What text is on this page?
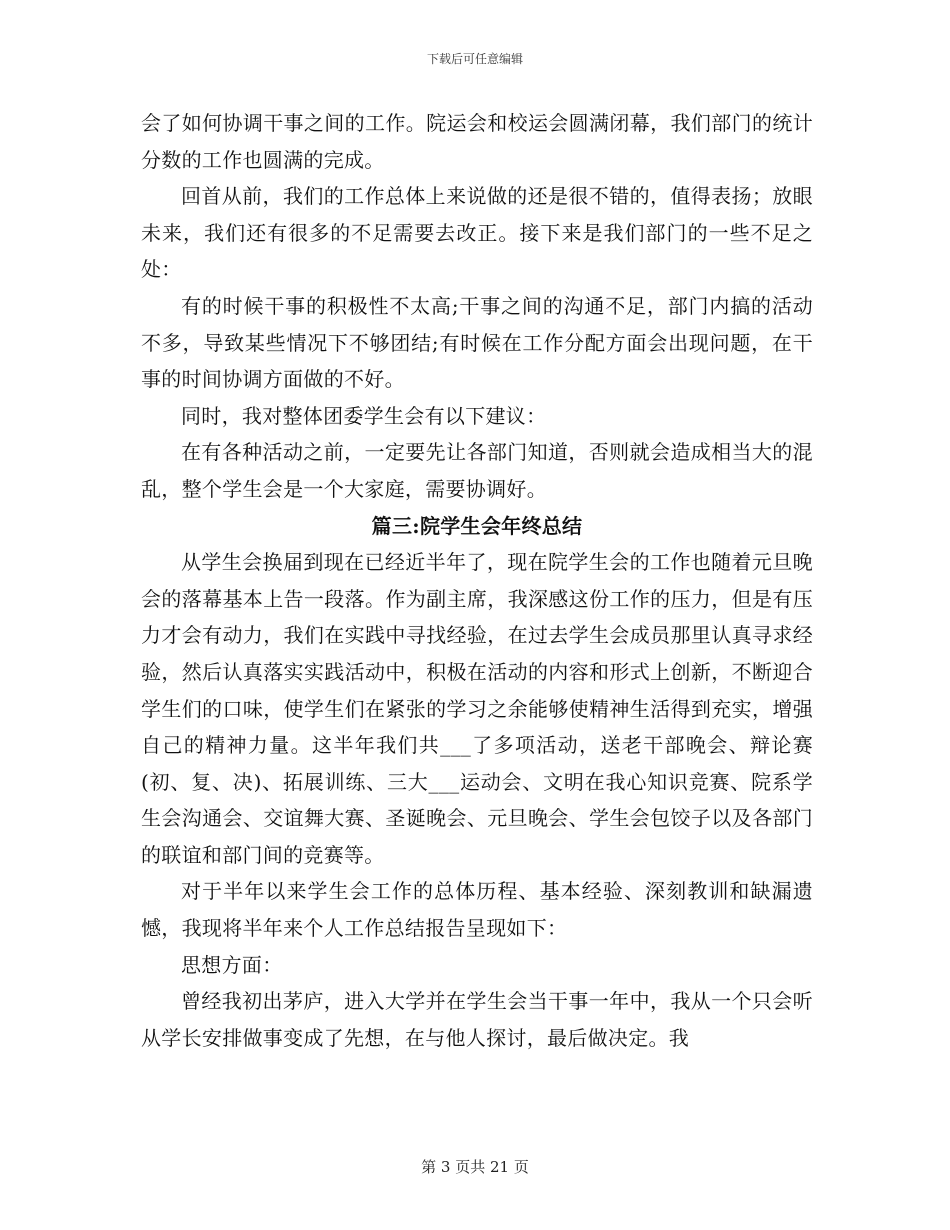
下载后可任意编辑

会了如何协调干事之间的工作。院运会和校运会圆满闭幕，我们部门的统计分数的工作也圆满的完成。

回首从前，我们的工作总体上来说做的还是很不错的，值得表扬；放眼未来，我们还有很多的不足需要去改正。接下来是我们部门的一些不足之处：

有的时候干事的积极性不太高;干事之间的沟通不足，部门内搞的活动不多，导致某些情况下不够团结;有时候在工作分配方面会出现问题，在干事的时间协调方面做的不好。

同时，我对整体团委学生会有以下建议：

在有各种活动之前，一定要先让各部门知道，否则就会造成相当大的混乱，整个学生会是一个大家庭，需要协调好。

篇三:院学生会年终总结

从学生会换届到现在已经近半年了，现在院学生会的工作也随着元旦晚会的落幕基本上告一段落。作为副主席，我深感这份工作的压力，但是有压力才会有动力，我们在实践中寻找经验，在过去学生会成员那里认真寻求经验，然后认真落实实践活动中，积极在活动的内容和形式上创新，不断迎合学生们的口味，使学生们在紧张的学习之余能够使精神生活得到充实，增强自己的精神力量。这半年我们共___了多项活动，送老干部晚会、辩论赛(初、复、决)、拓展训练、三大___运动会、文明在我心知识竞赛、院系学生会沟通会、交谊舞大赛、圣诞晚会、元旦晚会、学生会包饺子以及各部门的联谊和部门间的竞赛等。

对于半年以来学生会工作的总体历程、基本经验、深刻教训和缺漏遗憾，我现将半年来个人工作总结报告呈现如下：

思想方面：

曾经我初出茅庐，进入大学并在学生会当干事一年中，我从一个只会听从学长安排做事变成了先想，在与他人探讨，最后做决定。我

第 3 页共 21 页
